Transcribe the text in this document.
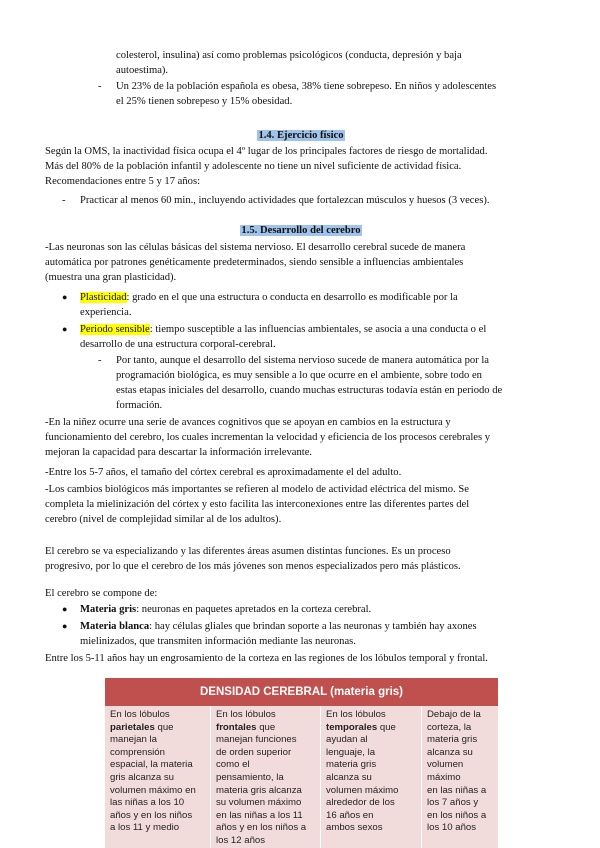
colesterol, insulina) así como problemas psicológicos (conducta, depresión y baja
autoestima).
- Un 23% de la población española es obesa, 38% tiene sobrepeso. En niños y adolescentes
el 25% tienen sobrepeso y 15% obesidad.
1.4. Ejercicio físico
Según la OMS, la inactividad física ocupa el 4º lugar de los principales factores de riesgo de mortalidad.
Más del 80% de la población infantil y adolescente no tiene un nivel suficiente de actividad física.
Recomendaciones entre 5 y 17 años:
- Practicar al menos 60 min., incluyendo actividades que fortalezcan músculos y huesos (3 veces).
1.5. Desarrollo del cerebro
-Las neuronas son las células básicas del sistema nervioso. El desarrollo cerebral sucede de manera
automática por patrones genéticamente predeterminados, siendo sensible a influencias ambientales
(muestra una gran plasticidad).
● Plasticidad: grado en el que una estructura o conducta en desarrollo es modificable por la
experiencia.
● Periodo sensible: tiempo susceptible a las influencias ambientales, se asocia a una conducta o el
desarrollo de una estructura corporal-cerebral.
- Por tanto, aunque el desarrollo del sistema nervioso sucede de manera automática por la
programación biológica, es muy sensible a lo que ocurre en el ambiente, sobre todo en
estas etapas iniciales del desarrollo, cuando muchas estructuras todavía están en periodo de
formación.
-En la niñez ocurre una serie de avances cognitivos que se apoyan en cambios en la estructura y
funcionamiento del cerebro, los cuales incrementan la velocidad y eficiencia de los procesos cerebrales y
mejoran la capacidad para descartar la información irrelevante.
-Entre los 5-7 años, el tamaño del córtex cerebral es aproximadamente el del adulto.
-Los cambios biológicos más importantes se refieren al modelo de actividad eléctrica del mismo. Se
completa la mielinización del córtex y esto facilita las interconexiones entre las diferentes partes del
cerebro (nivel de complejidad similar al de los adultos).
El cerebro se va especializando y las diferentes áreas asumen distintas funciones. Es un proceso
progresivo, por lo que el cerebro de los más jóvenes son menos especializados pero más plásticos.
El cerebro se compone de:
● Materia gris: neuronas en paquetes apretados en la corteza cerebral.
● Materia blanca: hay células gliales que brindan soporte a las neuronas y también hay axones
mielinizados, que transmiten información mediante las neuronas.
Entre los 5-11 años hay un engrosamiento de la corteza en las regiones de los lóbulos temporal y frontal.
DENSIDAD CEREBRAL (materia gris)
En los lóbulos
parietales que
manejan la
comprensión
espacial, la materia
gris alcanza su
volumen máximo en
las niñas a los 10
años y en los niños
a los 11 y medio
En los lóbulos
frontales que
manejan funciones
de orden superior
como el
pensamiento, la
materia gris alcanza
su volumen máximo
en las niñas a los 11
años y en los niños a
los 12 años
En los lóbulos
temporales que
ayudan al
lenguaje, la
materia gris
alcanza su
volumen máximo
alrededor de los
16 años en
ambos sexos
Debajo de la
corteza, la
materia gris
alcanza su
volumen
máximo
en las niñas a
los 7 años y
en los niños a
los 10 años
